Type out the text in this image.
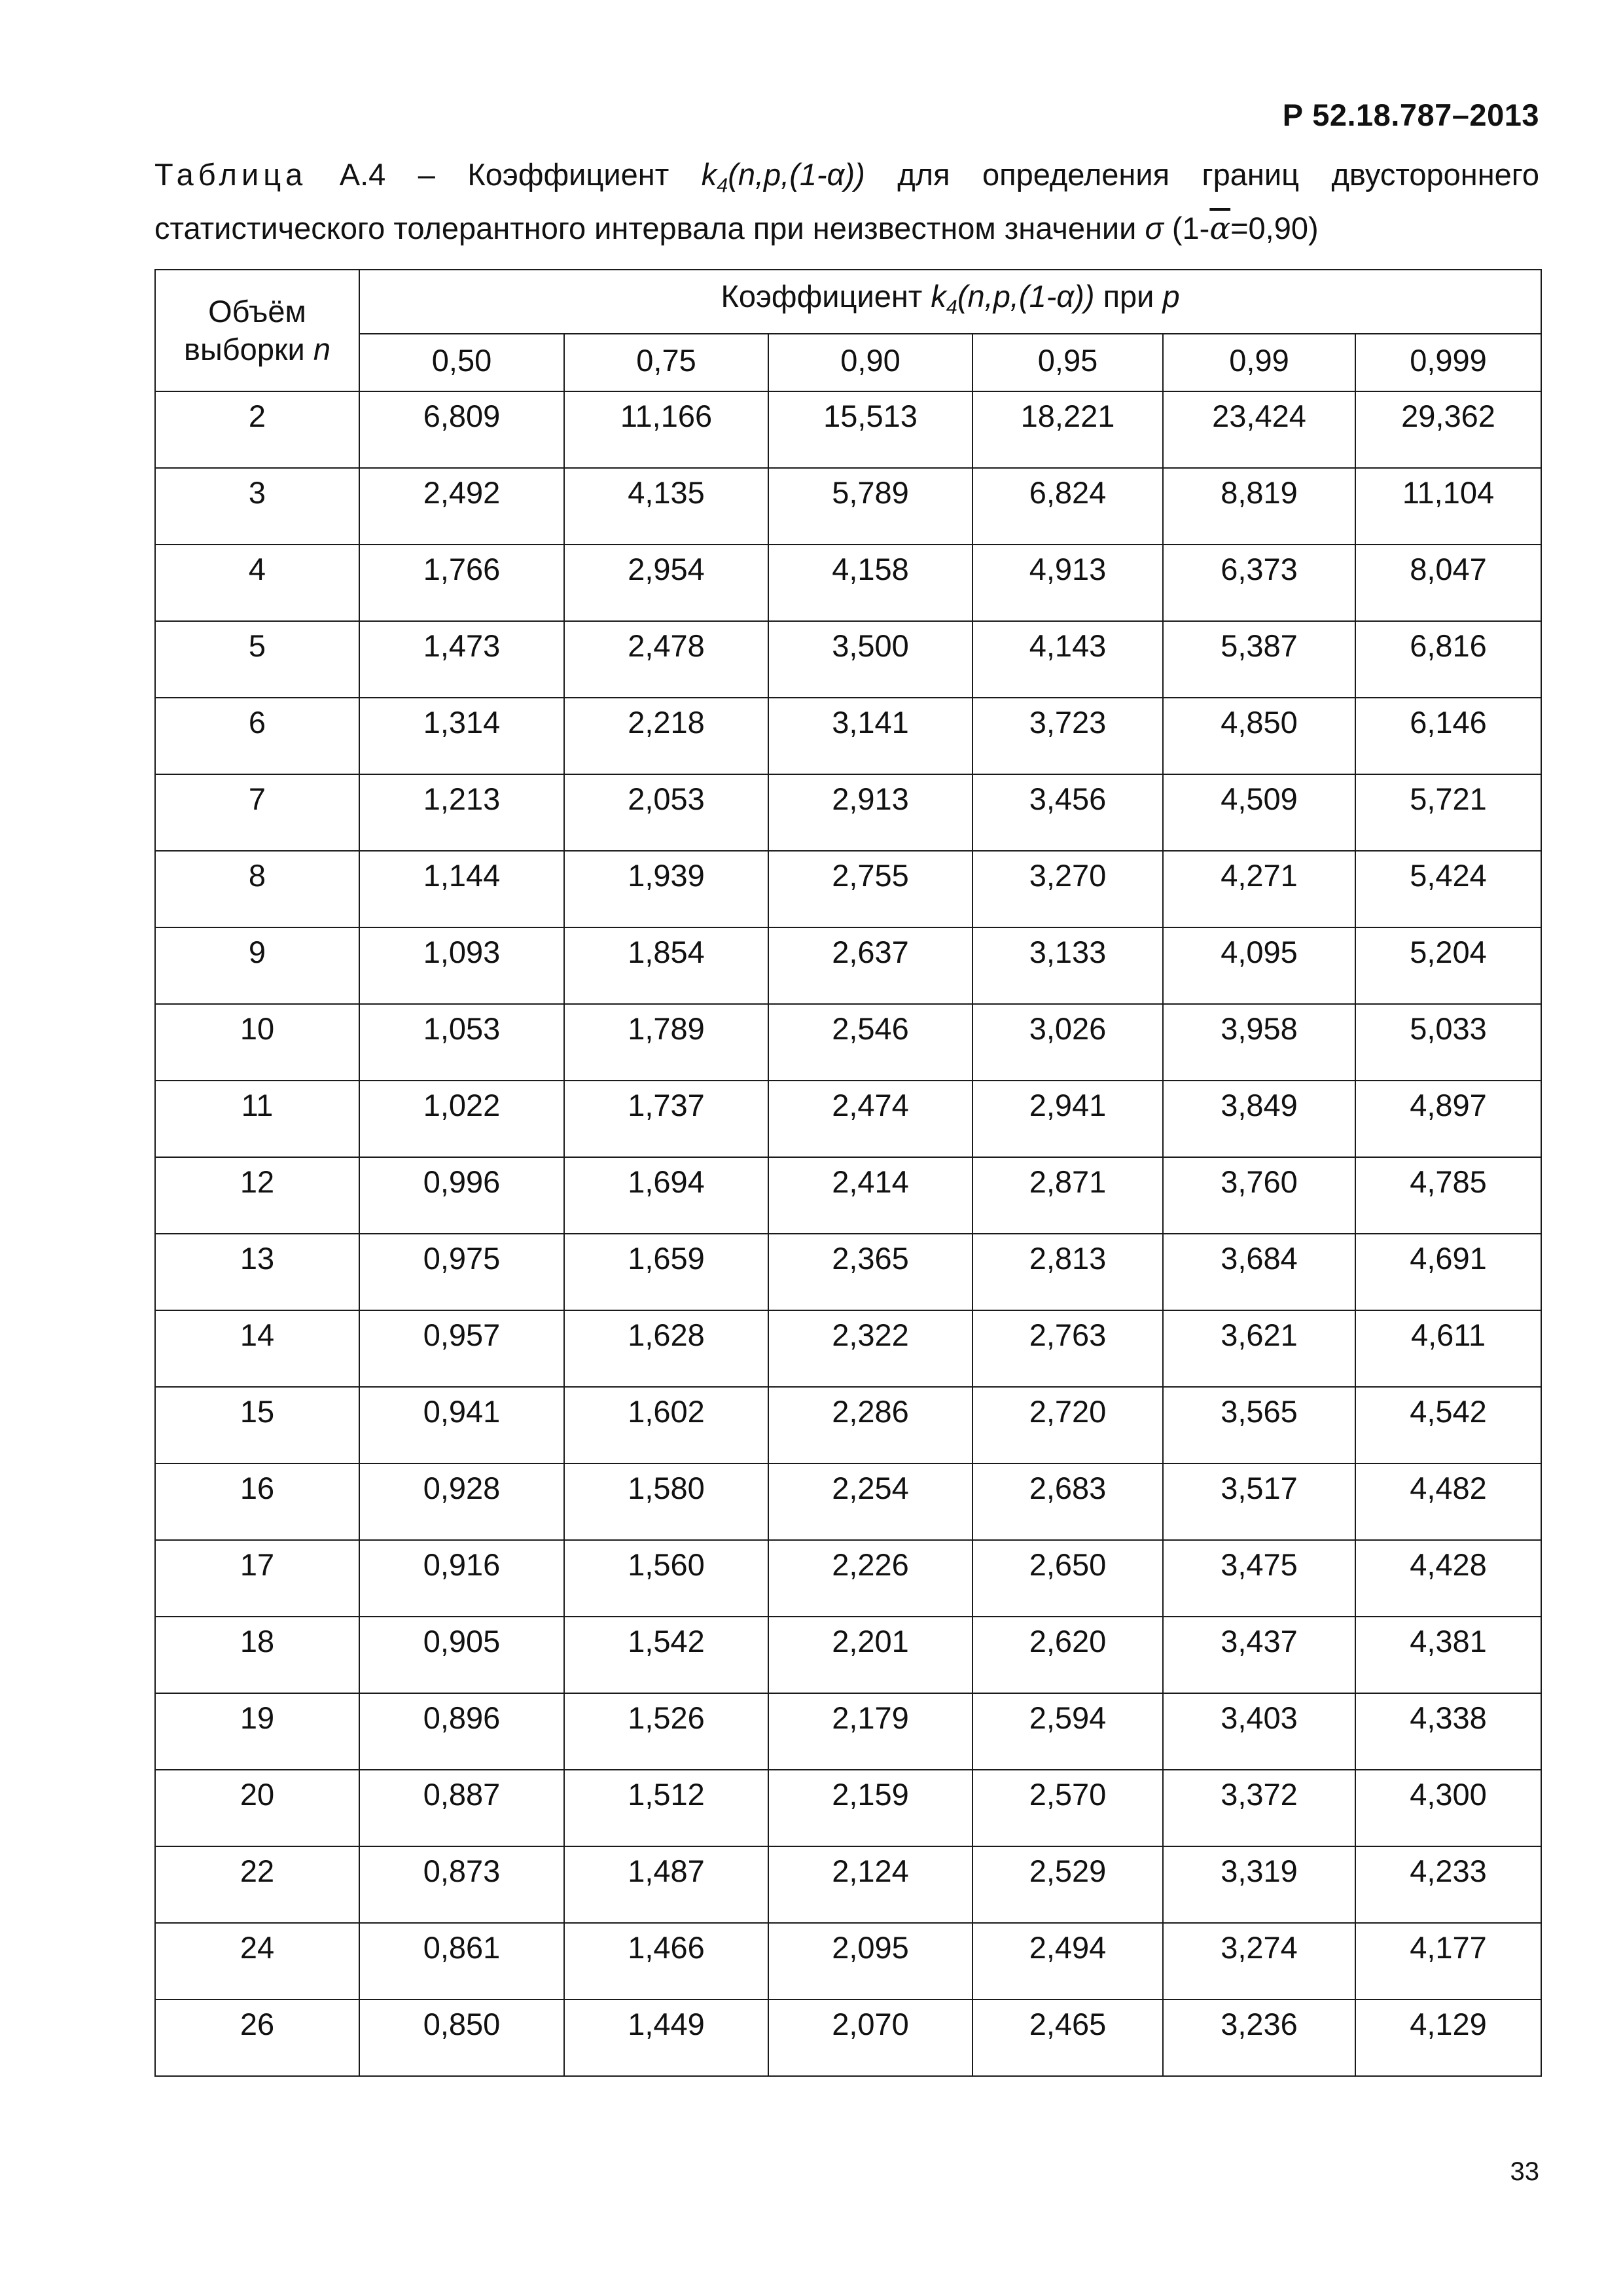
Р 52.18.787–2013
Таблица А.4 – Коэффициент $k_4(n,p,(1-\alpha))$ для определения границ двустороннего
статистического толерантного интервала при неизвестном значении σ $(1-\overline{\alpha}=0,90)$
Объём
выборки n	Коэффициент $k_4(n,p,(1-\alpha))$ при p					
	0,50	0,75	0,90	0,95	0,99	0,999
2	6,809	11,166	15,513	18,221	23,424	29,362
3	2,492	4,135	5,789	6,824	8,819	11,104
4	1,766	2,954	4,158	4,913	6,373	8,047
5	1,473	2,478	3,500	4,143	5,387	6,816
6	1,314	2,218	3,141	3,723	4,850	6,146
7	1,213	2,053	2,913	3,456	4,509	5,721
8	1,144	1,939	2,755	3,270	4,271	5,424
9	1,093	1,854	2,637	3,133	4,095	5,204
10	1,053	1,789	2,546	3,026	3,958	5,033
11	1,022	1,737	2,474	2,941	3,849	4,897
12	0,996	1,694	2,414	2,871	3,760	4,785
13	0,975	1,659	2,365	2,813	3,684	4,691
14	0,957	1,628	2,322	2,763	3,621	4,611
15	0,941	1,602	2,286	2,720	3,565	4,542
16	0,928	1,580	2,254	2,683	3,517	4,482
17	0,916	1,560	2,226	2,650	3,475	4,428
18	0,905	1,542	2,201	2,620	3,437	4,381
19	0,896	1,526	2,179	2,594	3,403	4,338
20	0,887	1,512	2,159	2,570	3,372	4,300
22	0,873	1,487	2,124	2,529	3,319	4,233
24	0,861	1,466	2,095	2,494	3,274	4,177
26	0,850	1,449	2,070	2,465	3,236	4,129
33
